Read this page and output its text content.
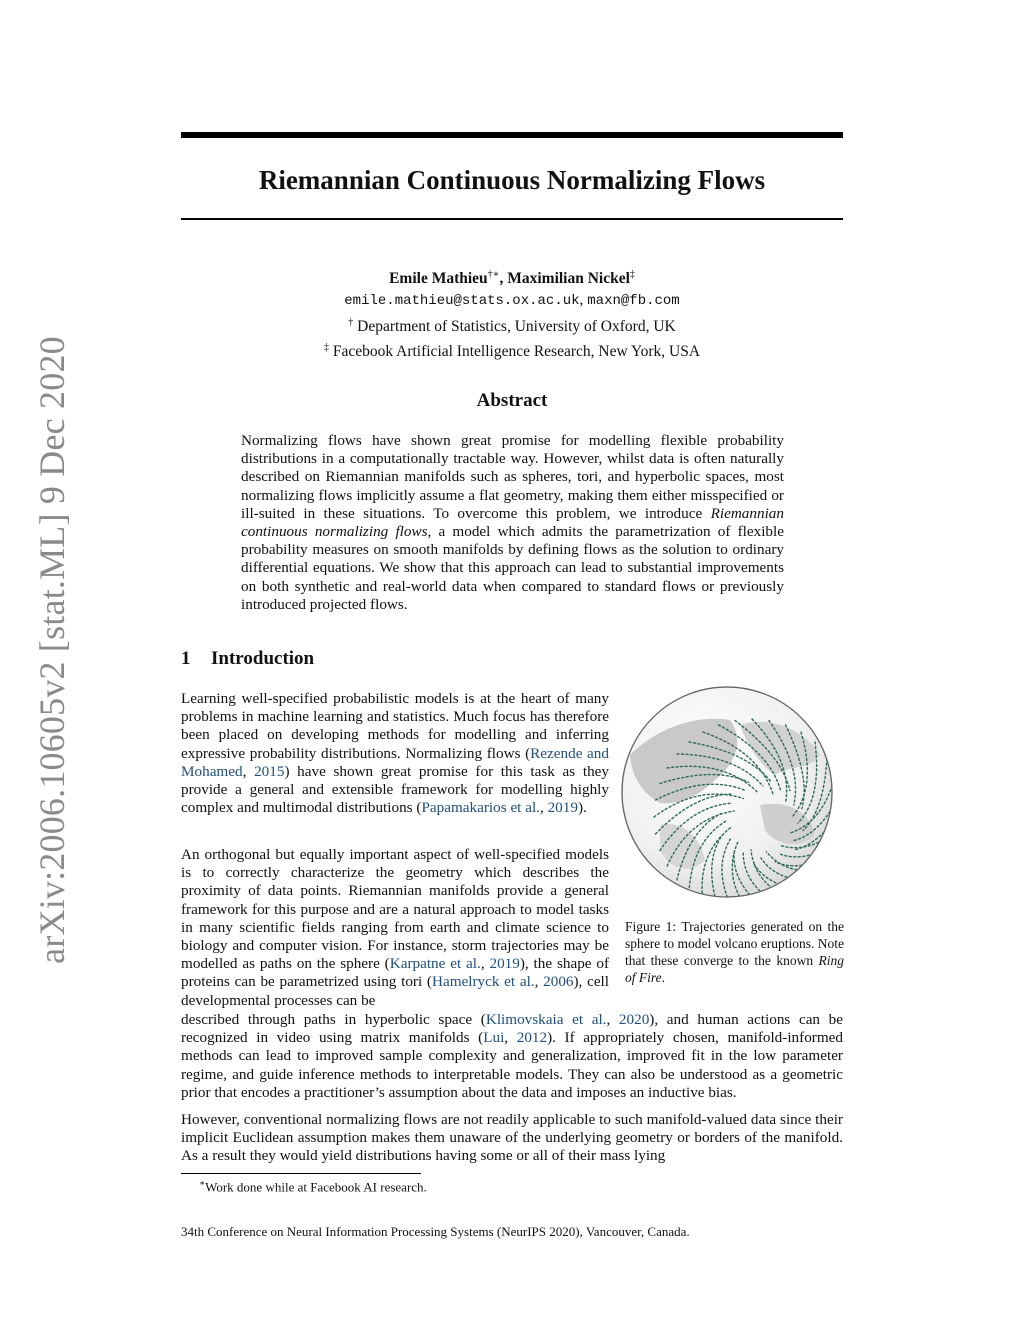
arXiv:2006.10605v2 [stat.ML] 9 Dec 2020
Riemannian Continuous Normalizing Flows
Emile Mathieu†∗, Maximilian Nickel‡
emile.mathieu@stats.ox.ac.uk, maxn@fb.com
† Department of Statistics, University of Oxford, UK
‡ Facebook Artificial Intelligence Research, New York, USA
Abstract

Normalizing flows have shown great promise for modelling flexible probability distributions in a computationally tractable way. However, whilst data is often naturally described on Riemannian manifolds such as spheres, tori, and hyperbolic spaces, most normalizing flows implicitly assume a flat geometry, making them either misspecified or ill-suited in these situations. To overcome this problem, we introduce Riemannian continuous normalizing flows, a model which admits the parametrization of flexible probability measures on smooth manifolds by defining flows as the solution to ordinary differential equations. We show that this approach can lead to substantial improvements on both synthetic and real-world data when compared to standard flows or previously introduced projected flows.

1 Introduction

Learning well-specified probabilistic models is at the heart of many problems in machine learning and statistics. Much focus has therefore been placed on developing methods for modelling and inferring expressive probability distributions. Normalizing flows (Rezende and Mohamed, 2015) have shown great promise for this task as they provide a general and extensible framework for modelling highly complex and multimodal distributions (Papamakarios et al., 2019).

An orthogonal but equally important aspect of well-specified models is to correctly characterize the geometry which describes the proximity of data points. Riemannian manifolds provide a general framework for this purpose and are a natural approach to model tasks in many scientific fields ranging from earth and climate science to biology and computer vision. For instance, storm trajectories may be modelled as paths on the sphere (Karpatne et al., 2019), the shape of proteins can be parametrized using tori (Hamelryck et al., 2006), cell developmental processes can be

described through paths in hyperbolic space (Klimovskaia et al., 2020), and human actions can be recognized in video using matrix manifolds (Lui, 2012). If appropriately chosen, manifold-informed methods can lead to improved sample complexity and generalization, improved fit in the low parameter regime, and guide inference methods to interpretable models. They can also be understood as a geometric prior that encodes a practitioner’s assumption about the data and imposes an inductive bias.

However, conventional normalizing flows are not readily applicable to such manifold-valued data since their implicit Euclidean assumption makes them unaware of the underlying geometry or borders of the manifold. As a result they would yield distributions having some or all of their mass lying

Figure 1: Trajectories generated on the sphere to model volcano eruptions. Note that these converge to the known Ring of Fire.

∗Work done while at Facebook AI research.
34th Conference on Neural Information Processing Systems (NeurIPS 2020), Vancouver, Canada.
